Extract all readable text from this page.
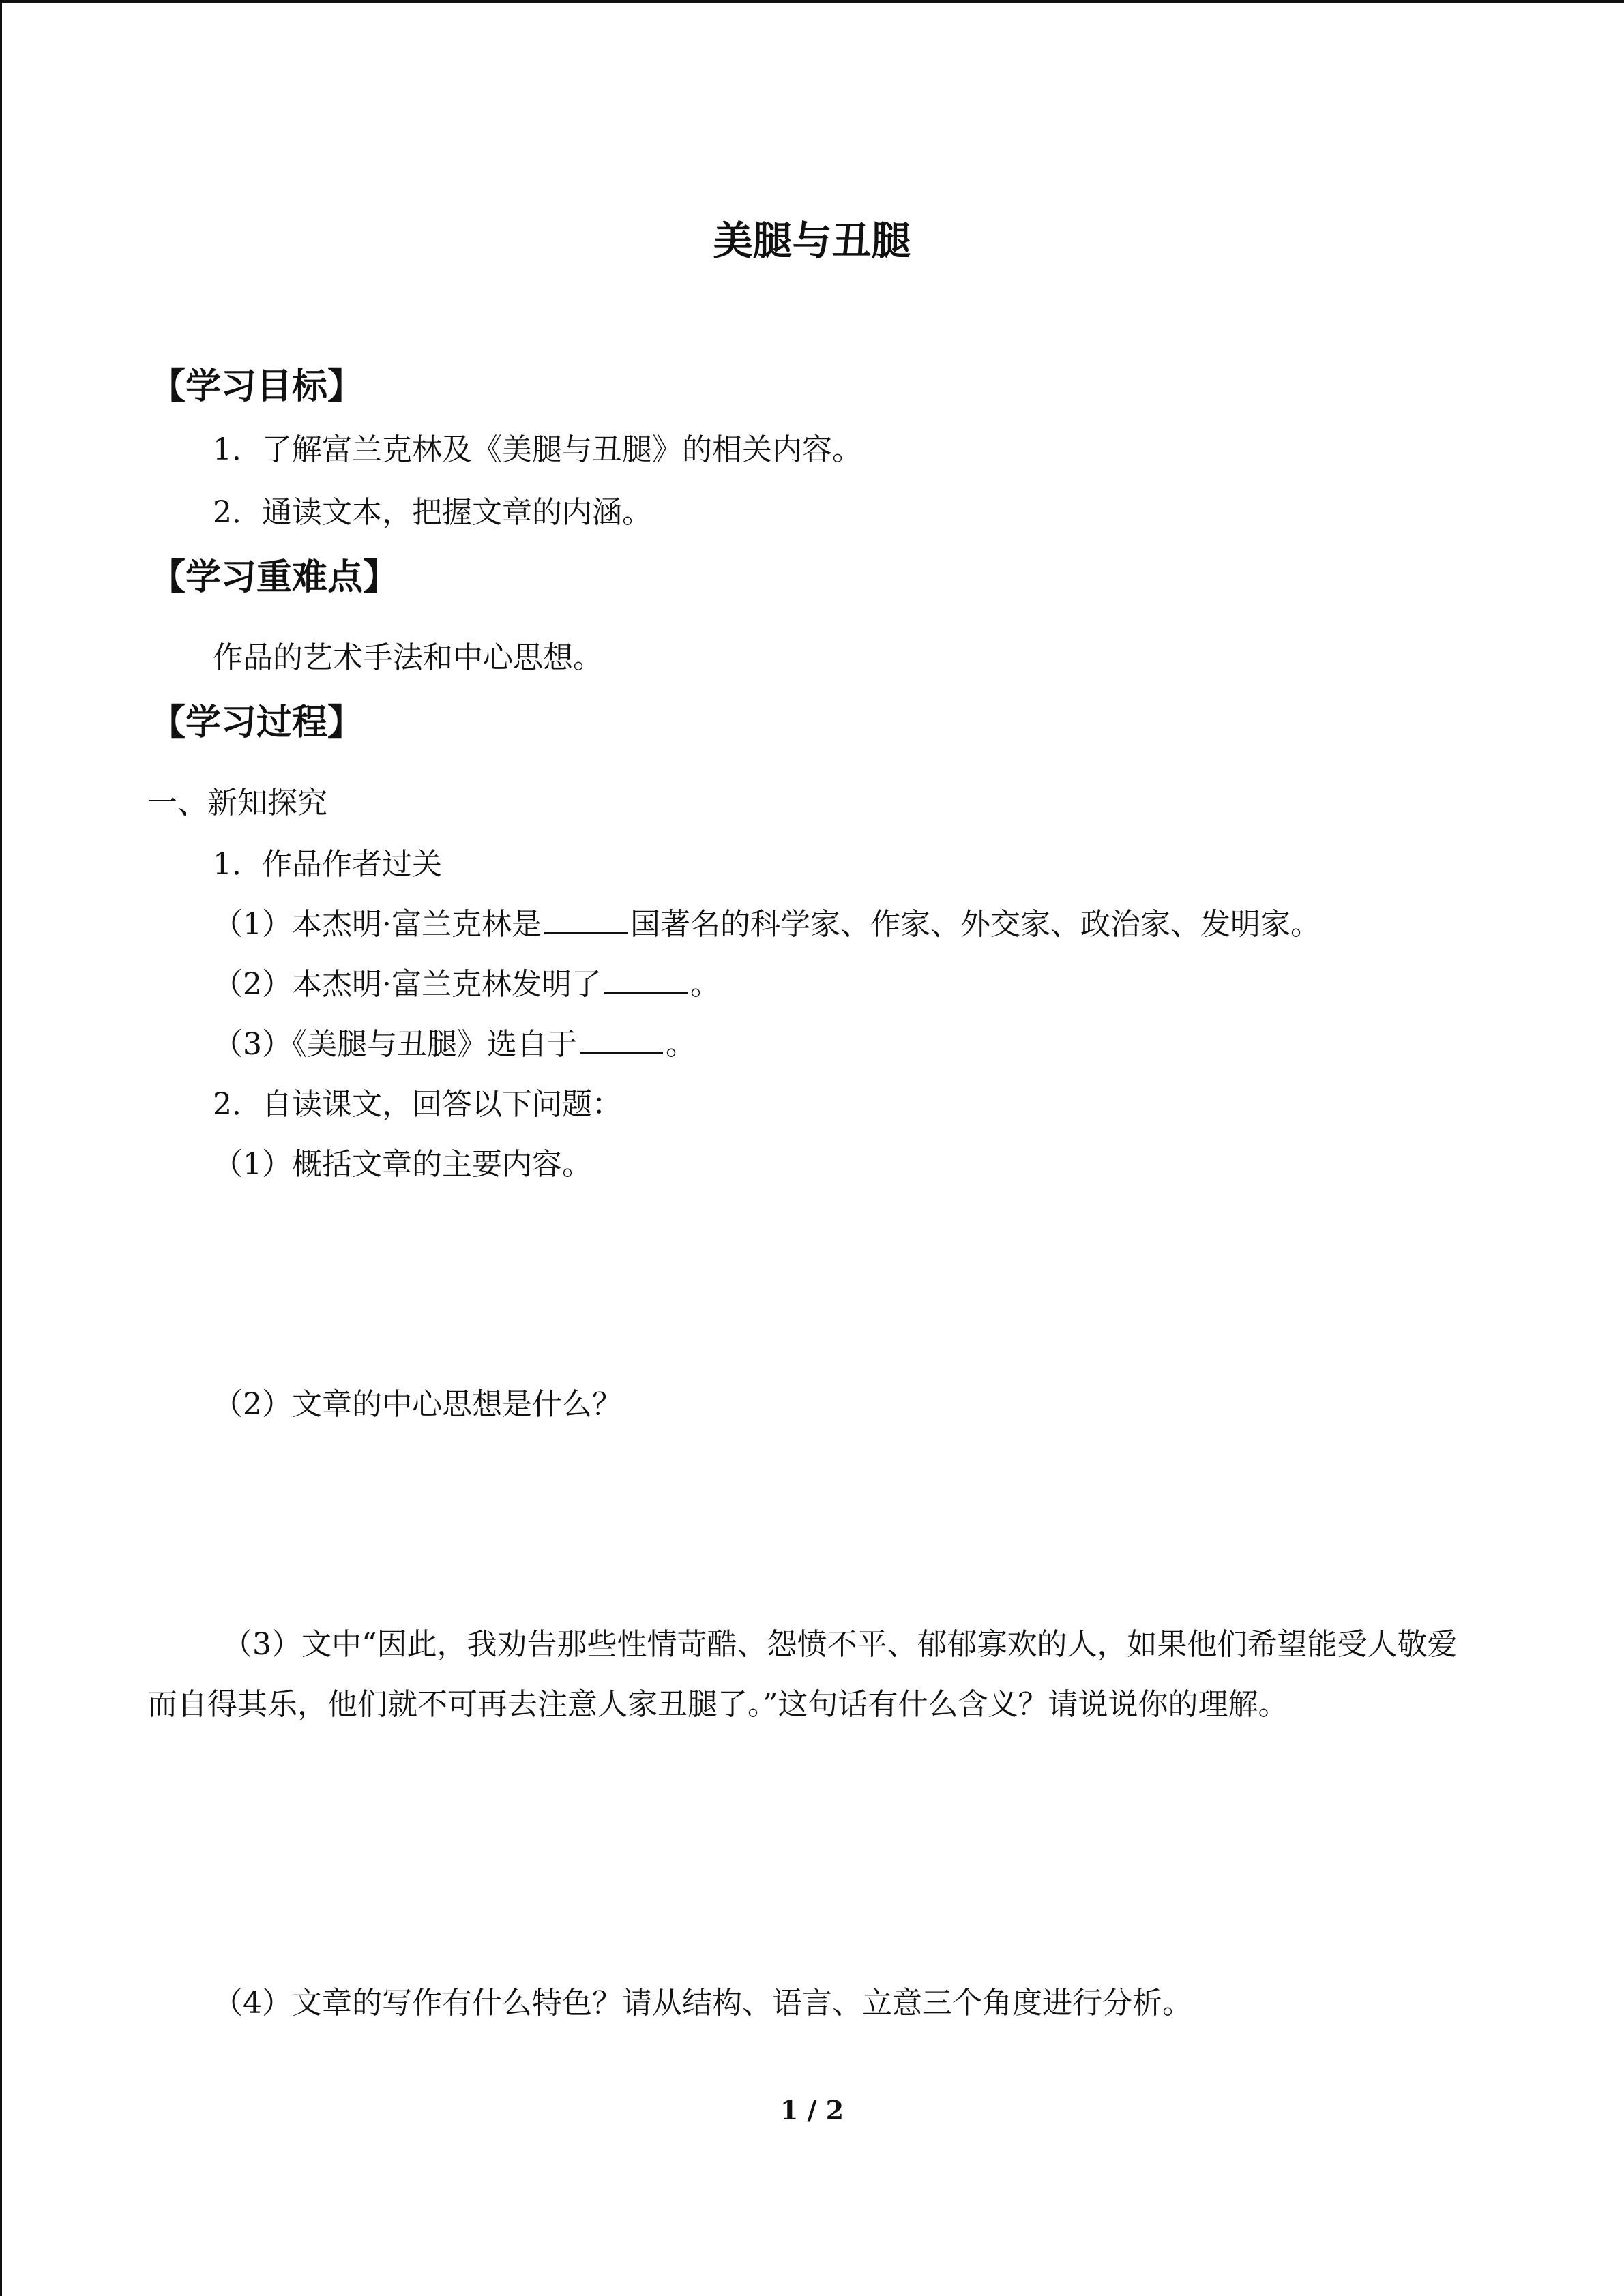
美腿与丑腿
【学习目标】
1．了解富兰克林及《美腿与丑腿》的相关内容。
2．通读文本，把握文章的内涵。
【学习重难点】
作品的艺术手法和中心思想。
【学习过程】
一、新知探究
1．作品作者过关
（1）本杰明·富兰克林是	国著名的科学家、作家、外交家、政治家、发明家。
（2）本杰明·富兰克林发明了	。
（3）《美腿与丑腿》选自于	。
2．自读课文，回答以下问题：
（1）概括文章的主要内容。
（2）文章的中心思想是什么？
（3）文中“因此，我劝告那些性情苛酷、怨愤不平、郁郁寡欢的人，如果他们希望能受人敬爱而自得其乐，他们就不可再去注意人家丑腿了。”这句话有什么含义？请说说你的理解。
（4）文章的写作有什么特色？请从结构、语言、立意三个角度进行分析。
1 / 2
